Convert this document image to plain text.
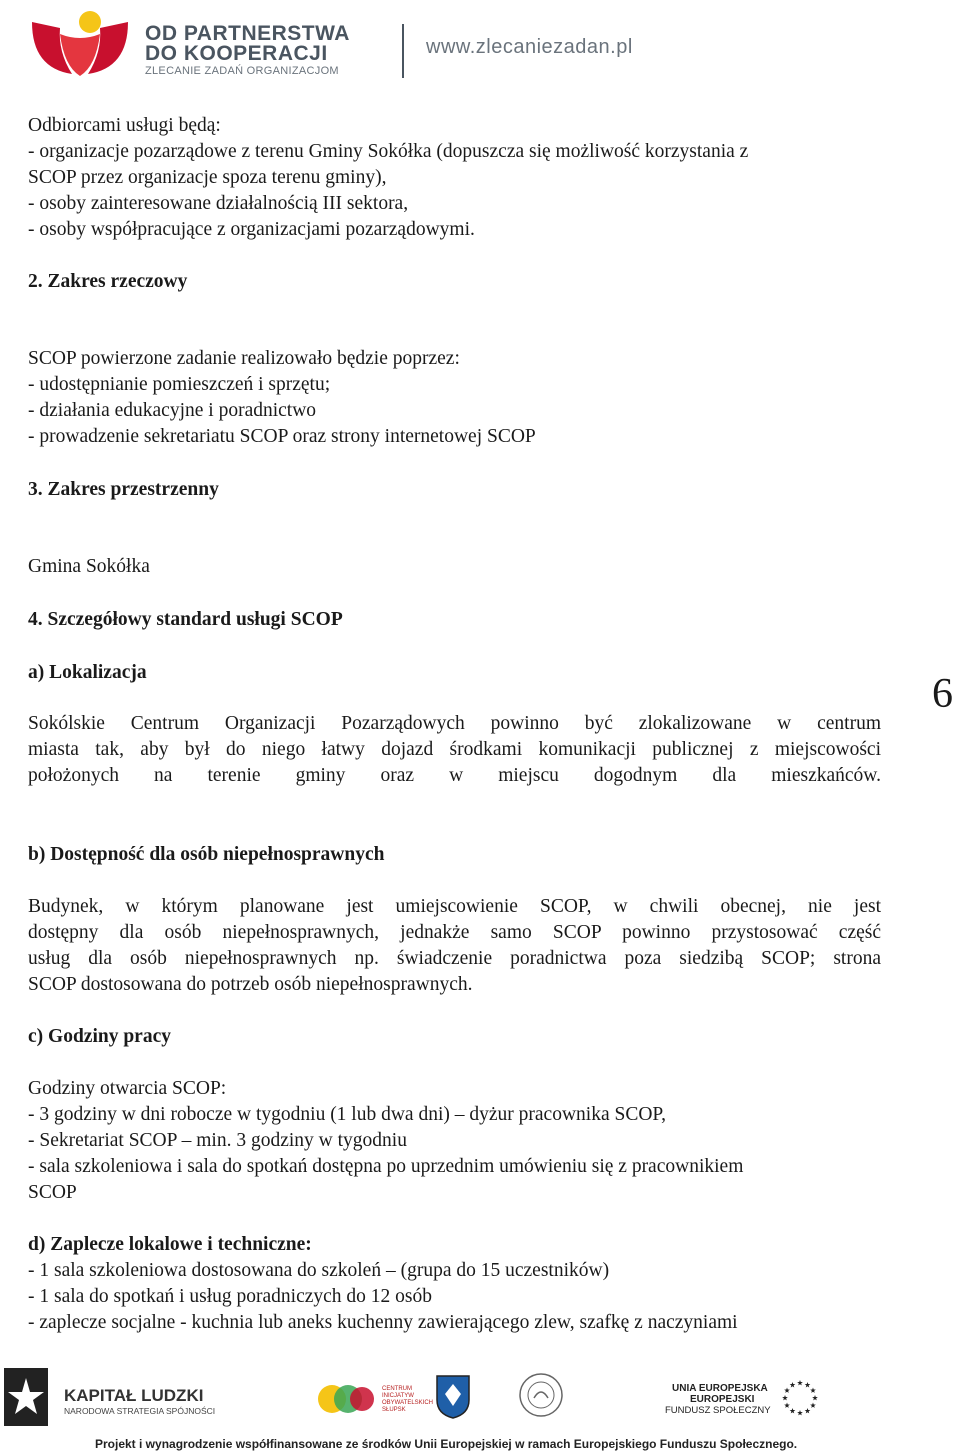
OD PARTNERSTWA
DO KOOPERACJI
ZLECANIE ZADAŃ ORGANIZACJOM
www.zlecaniezadan.pl
Odbiorcami usługi będą:
- organizacje pozarządowe z terenu Gminy Sokółka (dopuszcza się możliwość korzystania z
SCOP przez organizacje spoza terenu gminy),
- osoby zainteresowane działalnością III sektora,
- osoby współpracujące z organizacjami pozarządowymi.
2. Zakres rzeczowy
SCOP powierzone zadanie realizowało będzie poprzez:
- udostępnianie pomieszczeń i sprzętu;
- działania edukacyjne i poradnictwo
- prowadzenie sekretariatu SCOP oraz strony internetowej SCOP
3. Zakres przestrzenny
Gmina Sokółka
4. Szczegółowy standard usługi SCOP
a) Lokalizacja
Sokólskie Centrum Organizacji Pozarządowych powinno być zlokalizowane w centrum
miasta tak, aby był do niego łatwy dojazd środkami komunikacji publicznej z miejscowości
położonych na terenie gminy oraz w miejscu dogodnym dla mieszkańców.
6
b) Dostępność dla osób niepełnosprawnych
Budynek, w którym planowane jest umiejscowienie SCOP, w chwili obecnej, nie jest
dostępny dla osób niepełnosprawnych, jednakże samo SCOP powinno przystosować część
usług dla osób niepełnosprawnych np. świadczenie poradnictwa poza siedzibą SCOP; strona
SCOP dostosowana do potrzeb osób niepełnosprawnych.
c) Godziny pracy
Godziny otwarcia SCOP:
- 3 godziny w dni robocze w tygodniu (1 lub dwa dni) – dyżur pracownika SCOP,
- Sekretariat SCOP – min. 3 godziny w tygodniu
- sala szkoleniowa i sala do spotkań dostępna po uprzednim umówieniu się z pracownikiem
SCOP
d) Zaplecze lokalowe i techniczne:
- 1 sala szkoleniowa dostosowana do szkoleń – (grupa do 15 uczestników)
- 1 sala do spotkań i usług poradniczych do 12 osób
- zaplecze socjalne - kuchnia lub aneks kuchenny zawierającego zlew, szafkę z naczyniami
KAPITAŁ LUDZKI
NARODOWA STRATEGIA SPÓJNOŚCI
CENTRUM INICJATYW OBYWATELSKICH SŁUPSK
UNIA EUROPEJSKA
EUROPEJSKI
FUNDUSZ SPOŁECZNY
Projekt i wynagrodzenie współfinansowane ze środków Unii Europejskiej w ramach Europejskiego Funduszu Społecznego.
